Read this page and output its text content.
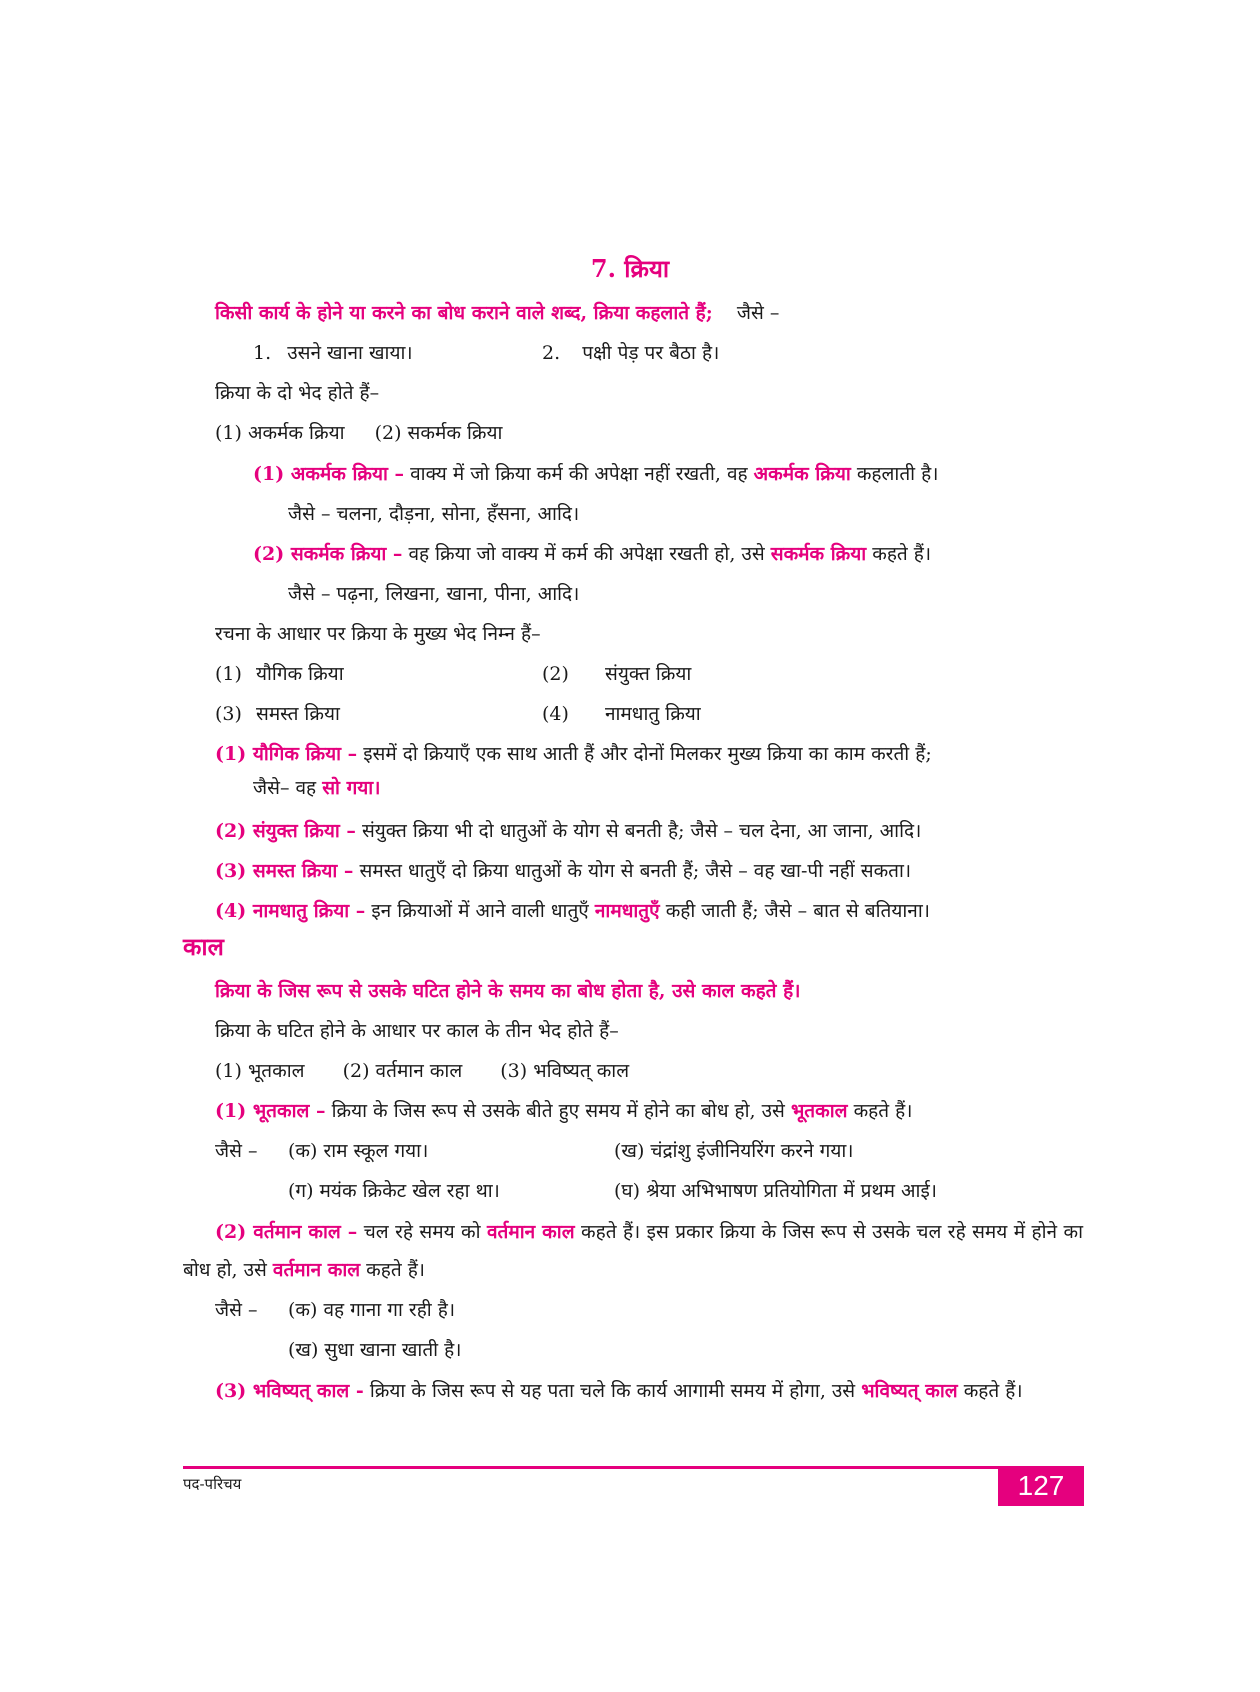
7. क्रिया
किसी कार्य के होने या करने का बोध कराने वाले शब्द, क्रिया कहलाते हैं; जैसे –
1. उसने खाना खाया।	2. पक्षी पेड़ पर बैठा है।
क्रिया के दो भेद होते हैं–
(1) अकर्मक क्रिया (2) सकर्मक क्रिया
(1) अकर्मक क्रिया – वाक्य में जो क्रिया कर्म की अपेक्षा नहीं रखती, वह अकर्मक क्रिया कहलाती है।
जैसे – चलना, दौड़ना, सोना, हँसना, आदि।
(2) सकर्मक क्रिया – वह क्रिया जो वाक्य में कर्म की अपेक्षा रखती हो, उसे सकर्मक क्रिया कहते हैं।
जैसे – पढ़ना, लिखना, खाना, पीना, आदि।
रचना के आधार पर क्रिया के मुख्य भेद निम्न हैं–
(1) यौगिक क्रिया	(2) संयुक्त क्रिया
(3) समस्त क्रिया	(4) नामधातु क्रिया
(1) यौगिक क्रिया – इसमें दो क्रियाएँ एक साथ आती हैं और दोनों मिलकर मुख्य क्रिया का काम करती हैं;
जैसे– वह सो गया।
(2) संयुक्त क्रिया – संयुक्त क्रिया भी दो धातुओं के योग से बनती है; जैसे – चल देना, आ जाना, आदि।
(3) समस्त क्रिया – समस्त धातुएँ दो क्रिया धातुओं के योग से बनती हैं; जैसे – वह खा-पी नहीं सकता।
(4) नामधातु क्रिया – इन क्रियाओं में आने वाली धातुएँ नामधातुएँ कही जाती हैं; जैसे – बात से बतियाना।
काल
क्रिया के जिस रूप से उसके घटित होने के समय का बोध होता है, उसे काल कहते हैं।
क्रिया के घटित होने के आधार पर काल के तीन भेद होते हैं–
(1) भूतकाल (2) वर्तमान काल (3) भविष्यत् काल
(1) भूतकाल – क्रिया के जिस रूप से उसके बीते हुए समय में होने का बोध हो, उसे भूतकाल कहते हैं।
जैसे – (क) राम स्कूल गया।	(ख) चंद्रांशु इंजीनियरिंग करने गया।
(ग) मयंक क्रिकेट खेल रहा था।	(घ) श्रेया अभिभाषण प्रतियोगिता में प्रथम आई।
(2) वर्तमान काल – चल रहे समय को वर्तमान काल कहते हैं। इस प्रकार क्रिया के जिस रूप से उसके चल रहे समय में होने का बोध हो, उसे वर्तमान काल कहते हैं।
जैसे – (क) वह गाना गा रही है।
(ख) सुधा खाना खाती है।
(3) भविष्यत् काल - क्रिया के जिस रूप से यह पता चले कि कार्य आगामी समय में होगा, उसे भविष्यत् काल कहते हैं।
पद-परिचय	127
